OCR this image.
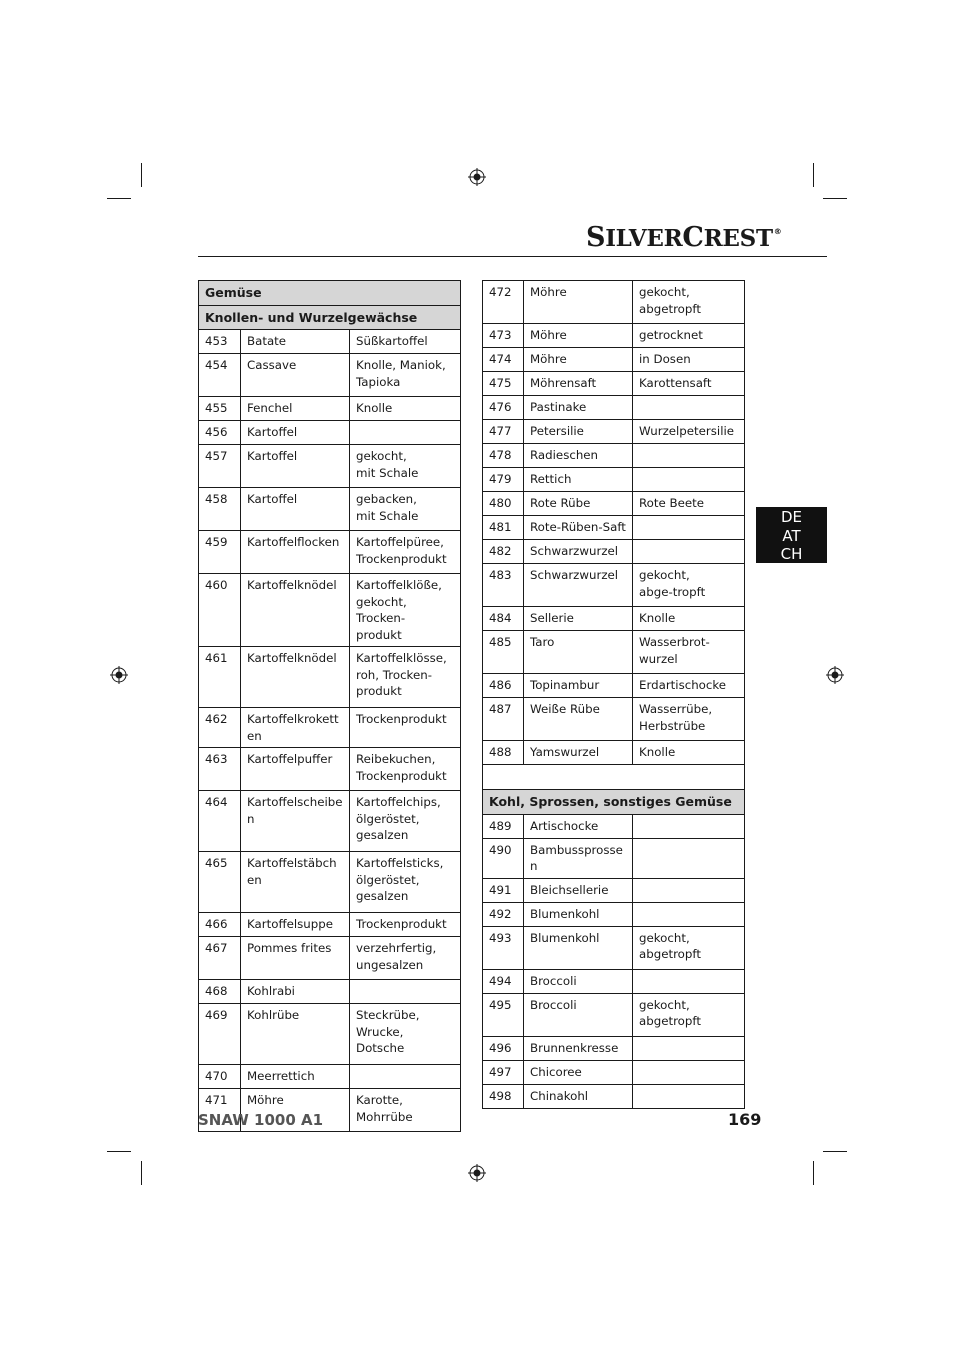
SILVERCREST®
DE
AT
CH
Gemüse		
Knollen- und Wurzelgewächse		
453	Batate	Süßkartoffel
454	Cassave	Knolle, Maniok,
Tapioka
455	Fenchel	Knolle
456	Kartoffel	
457	Kartoffel	gekocht,
mit Schale
458	Kartoffel	gebacken,
mit Schale
459	Kartoffelflocken	Kartoffelpüree,
Trockenprodukt
460	Kartoffelknödel	Kartoffelklöße,
gekocht, Trocken-
produkt
461	Kartoffelknödel	Kartoffelklösse,
roh, Trocken-
produkt
462	Kartoffelkroketten	Trockenprodukt
463	Kartoffelpuffer	Reibekuchen,
Trockenprodukt
464	Kartoffelscheiben	Kartoffelchips,
ölgeröstet,
gesalzen
465	Kartoffelstäbchen	Kartoffelsticks,
ölgeröstet,
gesalzen
466	Kartoffelsuppe	Trockenprodukt
467	Pommes frites	verzehrfertig,
ungesalzen
468	Kohlrabi	
469	Kohlrübe	Steckrübe,
Wrucke,
Dotsche
470	Meerrettich	
471	Möhre	Karotte,
Mohrrübe
472	Möhre	gekocht,
abgetropft
473	Möhre	getrocknet
474	Möhre	in Dosen
475	Möhrensaft	Karottensaft
476	Pastinake	
477	Petersilie	Wurzelpetersilie
478	Radieschen	
479	Rettich	
480	Rote Rübe	Rote Beete
481	Rote-Rüben-Saft	
482	Schwarzwurzel	
483	Schwarzwurzel	gekocht,
abge-tropft
484	Sellerie	Knolle
485	Taro	Wasserbrot-
wurzel
486	Topinambur	Erdartischocke
487	Weiße Rübe	Wasserrübe,
Herbstrübe
488	Yamswurzel	Knolle

Kohl, Sprossen, sonstiges Gemüse		
489	Artischocke	
490	Bambussprossen	
491	Bleichsellerie	
492	Blumenkohl	
493	Blumenkohl	gekocht,
abgetropft
494	Broccoli	
495	Broccoli	gekocht,
abgetropft
496	Brunnenkresse	
497	Chicoree	
498	Chinakohl	
SNAW 1000 A1	169
